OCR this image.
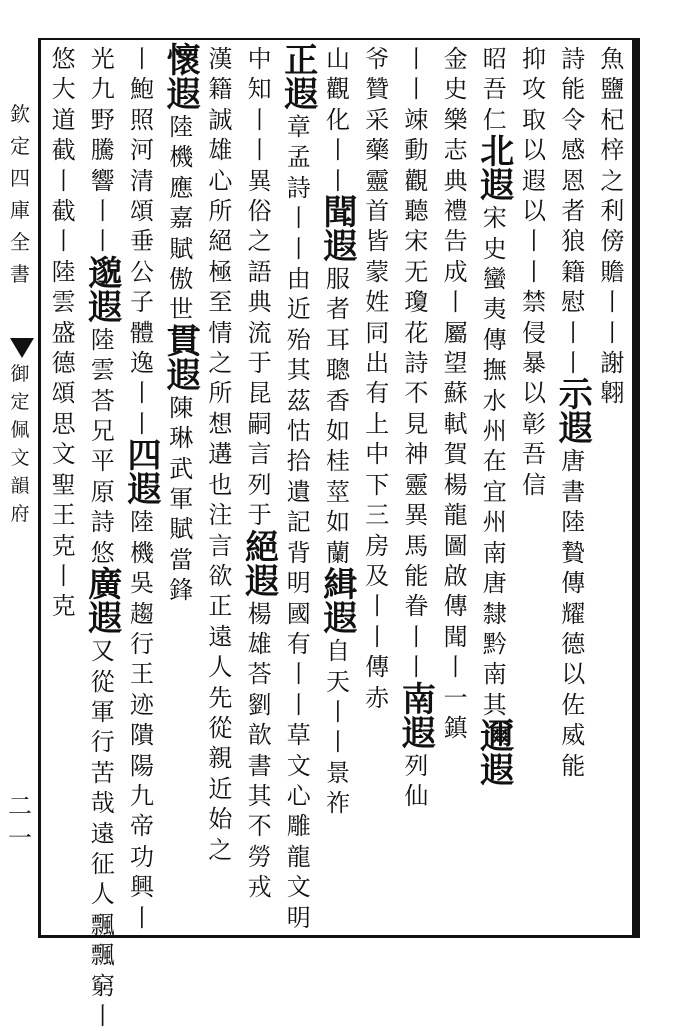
欽
定
四
庫
全
書
御
定
佩
文
韻
府
二一
魚
鹽
杞
梓
之
利
傍
贍
丨
丨
謝
翺
詩
能
令
感
恩
者
狼
籍
慰
丨
丨
示
遐
唐
書
陸
贄
傳
耀
德
以
佐
威
能
抑
攻
取
以
遐
以
丨
丨
禁
侵
暴
以
彰
吾
信
昭
吾
仁
北
遐
宋
史
蠻
夷
傳
撫
水
州
在
宜
州
南
唐
隸
黔
南
其
邇
遐
金
史
樂
志
典
禮
告
成
丨
屬
望
蘇
軾
賀
楊
龍
圖
啟
傳
聞
丨
一
鎮
丨
丨
竦
動
觀
聽
宋
无
瓊
花
詩
不
見
神
靈
異
馬
能
眷
丨
丨
南
遐
列
仙
爷
贊
采
藥
靈
首
皆
蒙
姓
同
出
有
上
中
下
三
房
及
丨
丨
傳
赤
山
觀
化
丨
丨
聞
遐
服
者
耳
聰
香
如
桂
莖
如
蘭
緝
遐
自
天
丨
丨
景
祚
正
遐
章
孟
詩
丨
丨
由
近
殆
其
茲
怙
拾
遺
記
背
明
國
有
丨
丨
草
文
心
雕
龍
文
明
中
知
丨
丨
異
俗
之
語
典
流
于
昆
嗣
言
列
于
絕
遐
楊
雄
荅
劉
歆
書
其
不
勞
戎
漢
籍
誠
雄
心
所
絕
極
至
情
之
所
想
遘
也
注
言
欲
正
遠
人
先
從
親
近
始
之
懷
遐
陸
機
應
嘉
賦
傲
世
貫
遐
陳
琳
武
軍
賦
當
鋒
丨
鮑
照
河
清
頌
垂
公
子
體
逸
丨
丨
四
遐
陸
機
吳
趨
行
王
迹
隤
陽
九
帝
功
興
丨
光
九
野
騰
響
丨
丨
邈
遐
陸
雲
荅
兄
平
原
詩
悠
廣
遐
又
從
軍
行
苦
哉
遠
征
人
飄
飄
窮
丨
悠
大
道
截
丨
截
丨
陸
雲
盛
德
頌
思
文
聖
王
克
丨
克
